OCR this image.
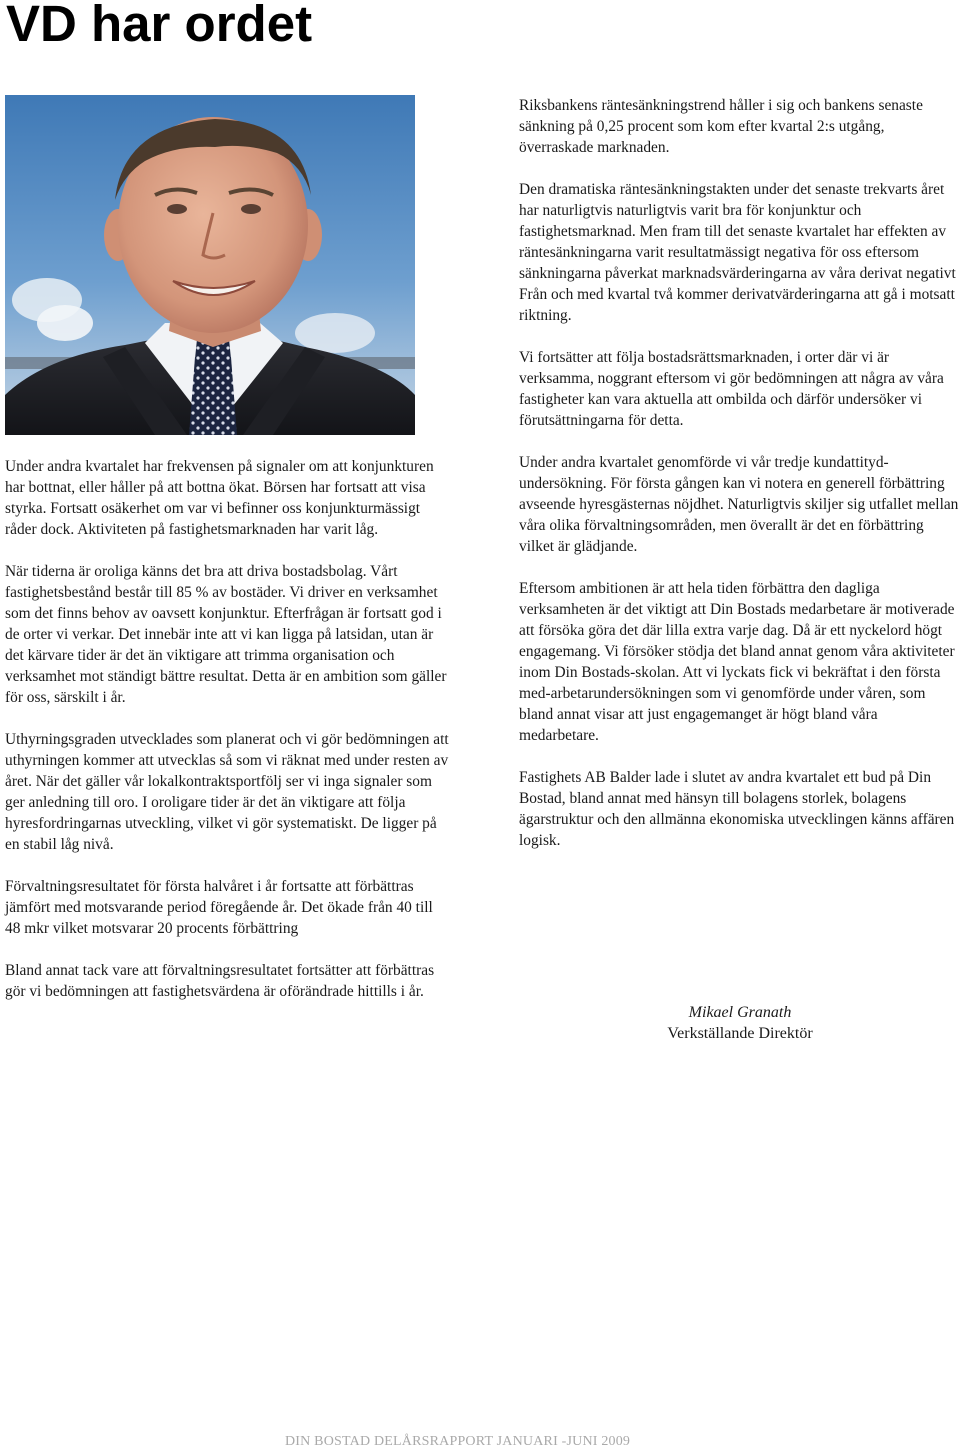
VD har ordet

Under andra kvartalet har frekvensen på signaler om att konjunkturen har bottnat, eller håller på att bottna ökat. Börsen har fortsatt att visa styrka. Fortsatt osäkerhet om var vi befinner oss konjunkturmässigt råder dock. Aktiviteten på fastighetsmarknaden har varit låg.

När tiderna är oroliga känns det bra att driva bostadsbolag. Vårt fastighetsbestånd består till 85 % av bostäder. Vi driver en verksamhet som det finns behov av oavsett konjunktur. Efterfrågan är fortsatt god i de orter vi verkar. Det innebär inte att vi kan ligga på latsidan, utan är det kärvare tider är det än viktigare att trimma organisation och verksamhet mot ständigt bättre resultat. Detta är en ambition som gäller för oss, särskilt i år.

Uthyrningsgraden utvecklades som planerat och vi gör bedömningen att uthyrningen kommer att utvecklas så som vi räknat med under resten av året. När det gäller vår lokalkontraktsportfölj ser vi inga signaler som ger anledning till oro. I oroligare tider är det än viktigare att följa hyresfordringarnas utveckling, vilket vi gör systematiskt. De ligger på en stabil låg nivå.

Förvaltningsresultatet för första halvåret i år fortsatte att förbättras jämfört med motsvarande period föregående år. Det ökade från 40 till 48 mkr vilket motsvarar 20 procents förbättring

Bland annat tack vare att förvaltningsresultatet fortsätter att förbättras gör vi bedömningen att fastighetsvärdena är oförändrade hittills i år.

Riksbankens räntesänkningstrend håller i sig och bankens senaste sänkning på 0,25 procent som kom efter kvartal 2:s utgång, överraskade marknaden.

Den dramatiska räntesänkningstakten under det senaste trekvarts året har naturligtvis naturligtvis varit bra för konjunktur och fastighetsmarknad. Men fram till det senaste kvartalet har effekten av räntesänkningarna varit resultatmässigt negativa för oss eftersom sänkningarna påverkat marknadsvärderingarna av våra derivat negativt Från och med kvartal två kommer derivatvärderingarna att gå i motsatt riktning.

Vi fortsätter att följa bostadsrättsmarknaden, i orter där vi är verksamma, noggrant eftersom vi gör bedömningen att några av våra fastigheter kan vara aktuella att ombilda och därför undersöker vi förutsättningarna för detta.

Under andra kvartalet genomförde vi vår tredje kundattityd-undersökning. För första gången kan vi notera en generell förbättring avseende hyresgästernas nöjdhet. Naturligtvis skiljer sig utfallet mellan våra olika förvaltningsområden, men överallt är det en förbättring vilket är glädjande.

Eftersom ambitionen är att hela tiden förbättra den dagliga verksamheten är det viktigt att Din Bostads medarbetare är motiverade att försöka göra det där lilla extra varje dag. Då är ett nyckelord högt engagemang. Vi försöker stödja det bland annat genom våra aktiviteter inom Din Bostads-skolan. Att vi lyckats fick vi bekräftat i den första med-arbetarundersökningen som vi genomförde under våren, som bland annat visar att just engagemanget är högt bland våra medarbetare.

Fastighets AB Balder lade i slutet av andra kvartalet ett bud på Din Bostad, bland annat med hänsyn till bolagens storlek, bolagens ägarstruktur och den allmänna ekonomiska utvecklingen känns affären logisk.

Mikael Granath
Verkställande Direktör
DIN BOSTAD DELÅRSRAPPORT JANUARI -JUNI 2009
